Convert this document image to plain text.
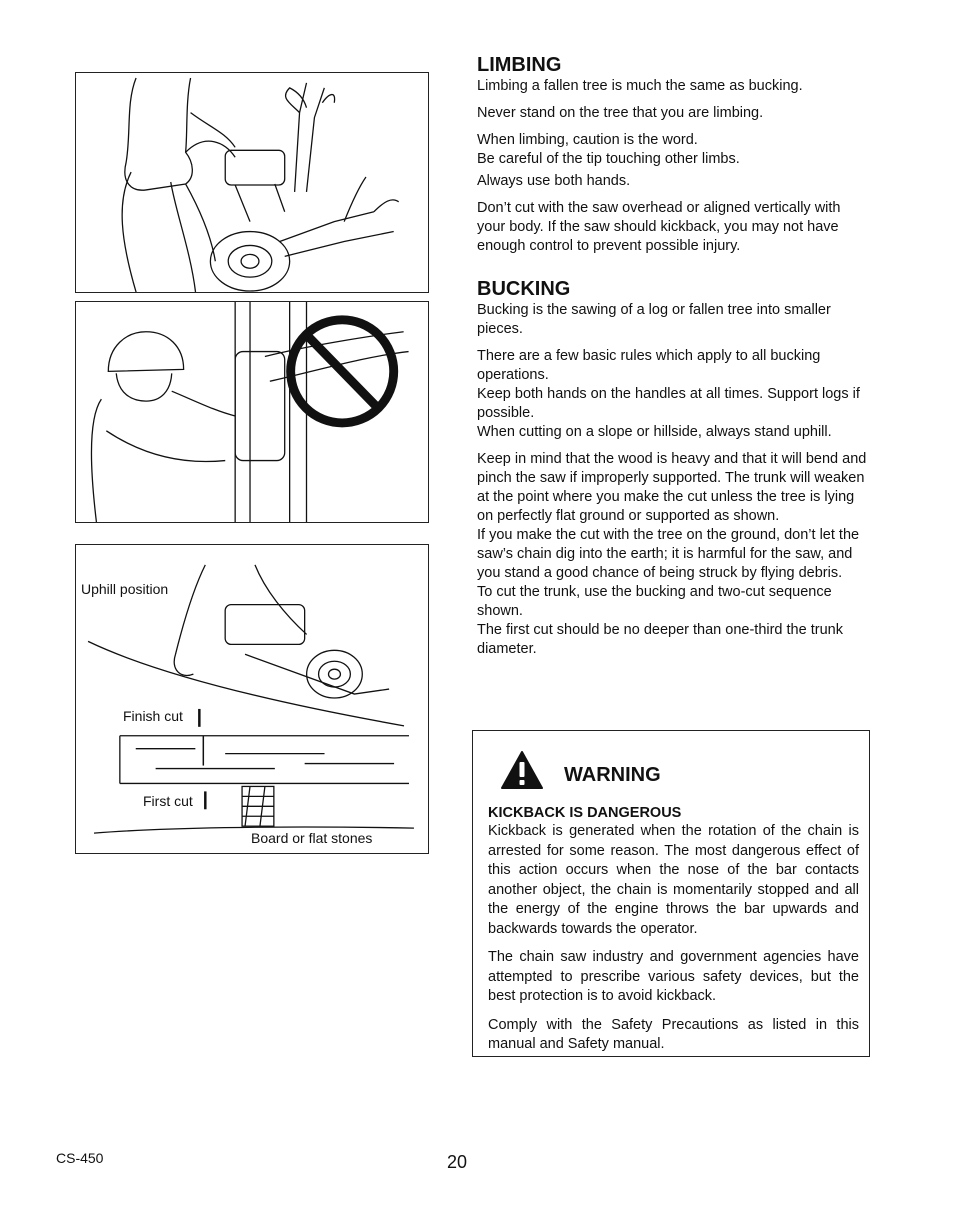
Uphill position
Finish cut
First cut
Board or flat stones
LIMBING

Limbing a fallen tree is much the same as bucking.

Never stand on the tree that you are limbing.

When limbing, caution is the word.

Be careful of the tip touching other limbs.

Always use both hands.

Don’t cut with the saw overhead or aligned vertically with your body. If the saw should kickback, you may not have enough control to prevent possible injury.

BUCKING

Bucking is the sawing of a log or fallen tree into smaller pieces.

There are a few basic rules which apply to all bucking operations.

Keep both hands on the handles at all times. Support logs if possible.

When cutting on a slope or hillside, always stand uphill.

Keep in mind that the wood is heavy and that it will bend and pinch the saw if improperly supported. The trunk will weaken at the point where you make the cut unless the tree is lying on perfectly flat ground or supported as shown.

If you make the cut with the tree on the ground, don’t let the saw’s chain dig into the earth; it is harmful for the saw, and you stand a good chance of being struck by flying debris.

To cut the trunk, use the bucking and two-cut sequence shown.

The first cut should be no deeper than one-third the trunk diameter.

WARNING
KICKBACK IS DANGEROUS

Kickback is generated when the rotation of the chain is arrested for some reason. The most dangerous effect of this action occurs when the nose of the bar contacts another object, the chain is momentarily stopped and all the energy of the engine throws the bar upwards and backwards towards the operator.

The chain saw industry and government agencies have attempted to prescribe various safety devices, but the best protection is to avoid kickback.

Comply with the Safety Precautions as listed in this manual and Safety manual.

CS-450	20
